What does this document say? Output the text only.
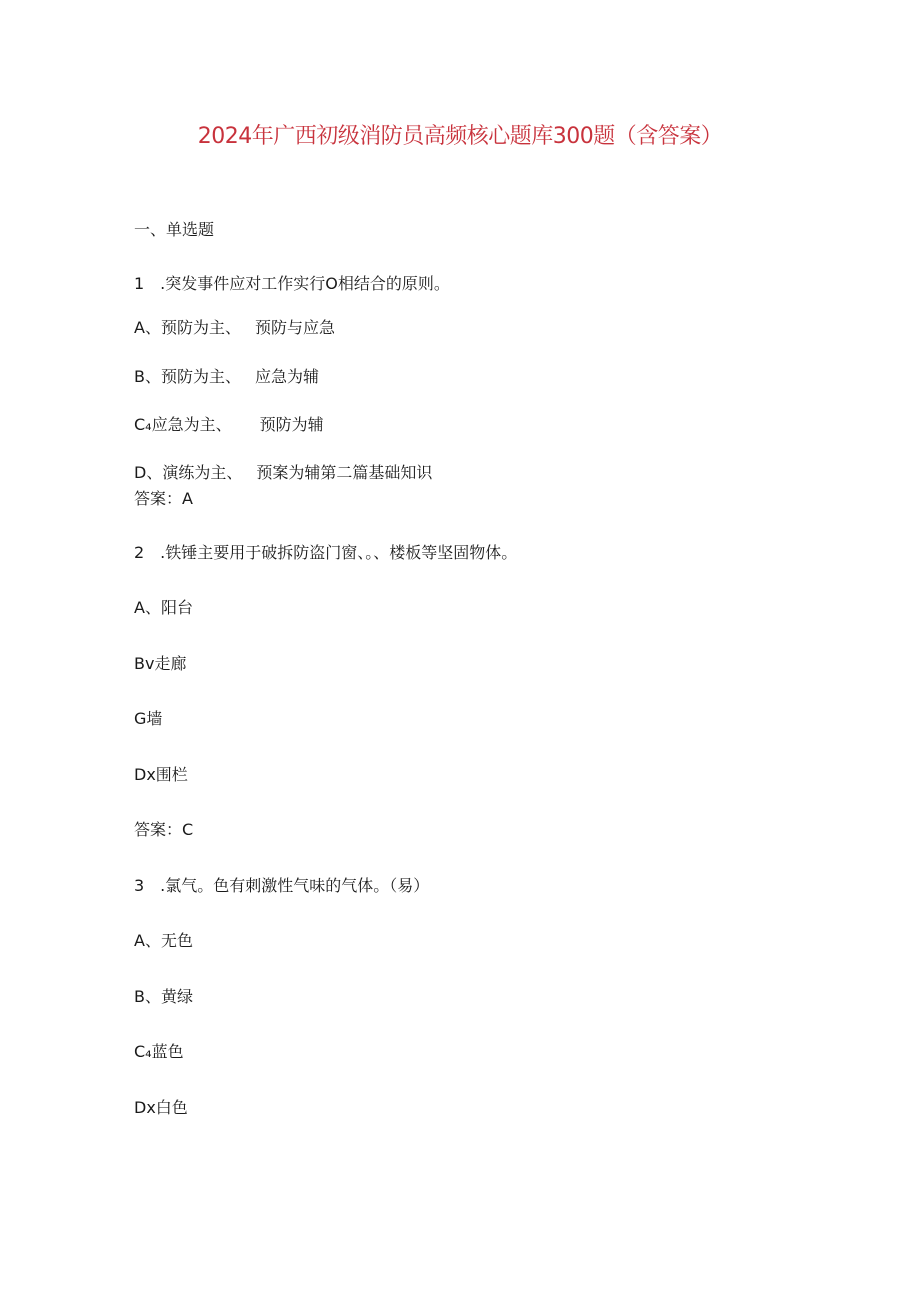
2024年广西初级消防员高频核心题库300题（含答案）
一、单选题
1　.突发事件应对工作实行O相结合的原则。
A、预防为主、 预防与应急
B、预防为主、 应急为辅
C₄应急为主、 预防为辅
D、演练为主、 预案为辅第二篇基础知识
答案：A
2　.铁锤主要用于破拆防盗门窗、。、楼板等坚固物体。
A、阳台
Bv走廊
G墙
Dx围栏
答案：C
3　.氯气。色有刺激性气味的气体。（易）
A、无色
B、黄绿
C₄蓝色
Dx白色
